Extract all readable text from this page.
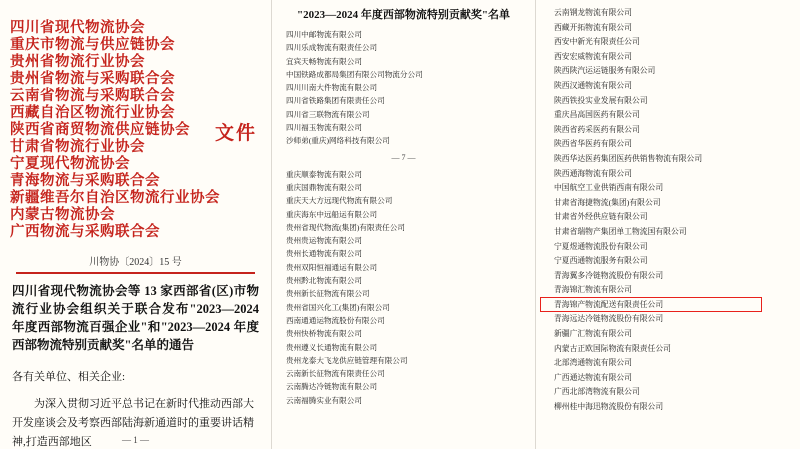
四川省现代物流协会
重庆市物流与供应链协会
贵州省物流行业协会
贵州省物流与采购联合会
云南省物流与采购联合会
西藏自治区物流行业协会
陕西省商贸物流供应链协会
甘肃省物流行业协会
宁夏现代物流协会
青海物流与采购联合会
新疆维吾尔自治区物流行业协会
内蒙古物流协会
广西物流与采购联合会
文件
川物协〔2024〕15 号
四川省现代物流协会等 13 家西部省(区)市物流行业协会组织关于联合发布"2023—2024 年度西部物流百强企业"和"2023—2024 年度西部物流特别贡献奖"名单的通告

各有关单位、相关企业:

为深入贯彻习近平总书记在新时代推动西部大开发座谈会及考察西部陆海新通道时的重要讲话精神,打造西部地区	— 1 —
"2023—2024 年度西部物流特别贡献奖"名单
四川中邮物流有限公司
四川乐成物流有限责任公司
宜宾天畅物流有限公司
中国铁路成都局集团有限公司物流分公司
四川川南大件物流有限公司
四川省铁路集团有限责任公司
四川省三联物流有限公司
四川福玉物流有限公司
沙师弟(重庆)网络科技有限公司
— 7 —
重庆顺泰物流有限公司
重庆国鼎物流有限公司
重庆天大方远现代物流有限公司
重庆海东中远船运有限公司
贵州省现代物流(集团)有限责任公司
贵州贵运物流有限公司
贵州长通物流有限公司
贵州双阳恒福通运有限公司
贵州黔北物流有限公司
贵州新长征物流有限公司
贵州省国兴化工(集团)有限公司
西南通通运物流股份有限公司
贵州快桥物流有限公司
贵州遵义长通物流有限公司
贵州龙泰大飞龙供应链管理有限公司
云南新长征物流有限责任公司
云南腾达冷链物流有限公司
云南福腾实业有限公司
云南钢龙物流有限公司
西藏开拓物流有限公司
西安中新光有限责任公司
西安宏威物流有限公司
陕西陕汽运运链服务有限公司
陕西汉通物流有限公司
陕西铁投实业发展有限公司
重庆昌高国医药有限公司
陕西省药采医药有限公司
陕西省华医药有限公司
陕西华达医药集团医药供销售物流有限公司
陕西通海物流有限公司
中国航空工业供销西南有限公司
甘肃省海捷物流(集团)有限公司
甘肃省外经供应链有限公司
甘肃省瑞物产集团单工物流国有限公司
宁夏煜通物流股份有限公司
宁夏西通物流服务有限公司
青海翼多冷链物流股份有限公司
青海锦汇物流有限公司
青海锦产物流配送有限责任公司
青海远达冷链物流股份有限公司
新疆广汇物流有限公司
内蒙古正欧国际物流有限责任公司
北部湾通物流有限公司
广西通达物流有限公司
广西北部湾物流有限公司
柳州桂中海迅物流股份有限公司
